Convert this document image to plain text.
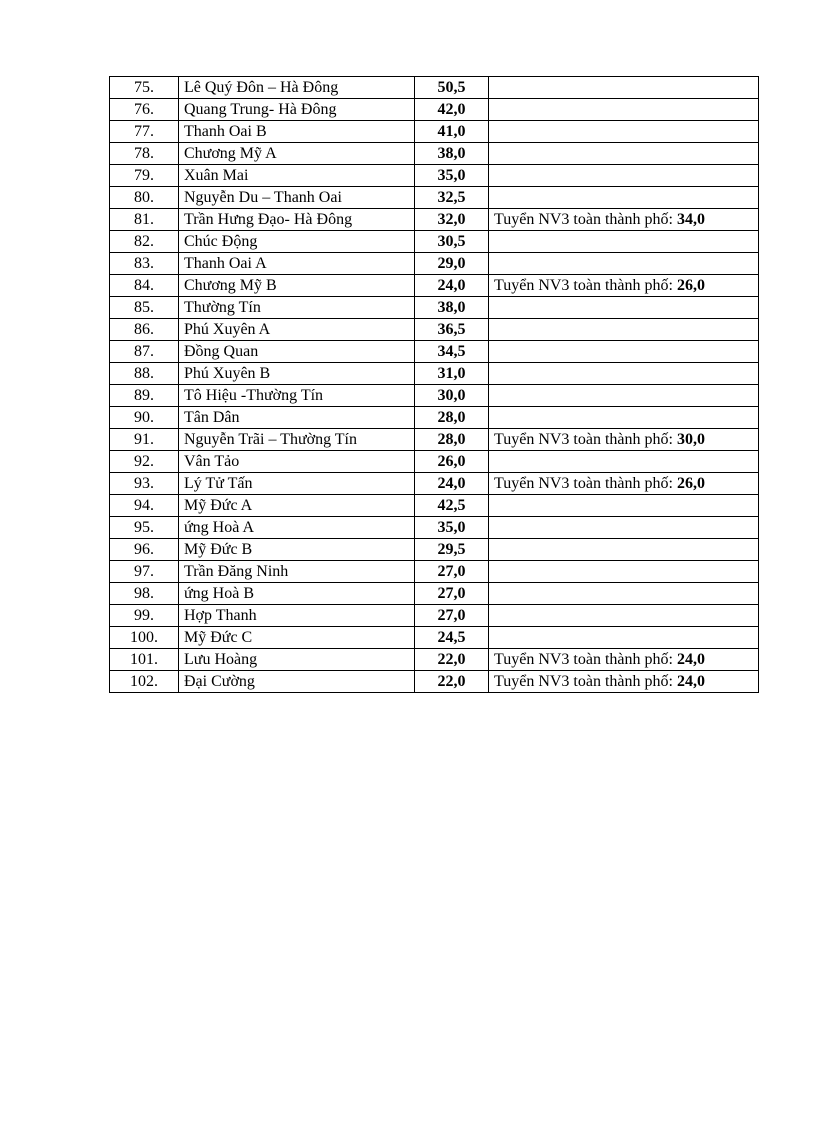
75.	Lê Quý Đôn – Hà Đông	50,5	
76.	Quang Trung- Hà Đông	42,0	
77.	Thanh Oai B	41,0	
78.	Chương Mỹ A	38,0	
79.	Xuân Mai	35,0	
80.	Nguyễn Du – Thanh Oai	32,5	
81.	Trần Hưng Đạo- Hà Đông	32,0	Tuyển NV3 toàn thành phố: 34,0
82.	Chúc Động	30,5	
83.	Thanh Oai A	29,0	
84.	Chương Mỹ B	24,0	Tuyển NV3 toàn thành phố: 26,0
85.	Thường Tín	38,0	
86.	Phú Xuyên A	36,5	
87.	Đồng Quan	34,5	
88.	Phú Xuyên B	31,0	
89.	Tô Hiệu -Thường Tín	30,0	
90.	Tân Dân	28,0	
91.	Nguyễn Trãi – Thường Tín	28,0	Tuyển NV3 toàn thành phố: 30,0
92.	Vân Tảo	26,0	
93.	Lý Tử Tấn	24,0	Tuyển NV3 toàn thành phố: 26,0
94.	Mỹ Đức A	42,5	
95.	ứng Hoà A	35,0	
96.	Mỹ Đức B	29,5	
97.	Trần Đăng Ninh	27,0	
98.	ứng Hoà B	27,0	
99.	Hợp Thanh	27,0	
100.	Mỹ Đức C	24,5	
101.	Lưu Hoàng	22,0	Tuyển NV3 toàn thành phố: 24,0
102.	Đại Cường	22,0	Tuyển NV3 toàn thành phố: 24,0
